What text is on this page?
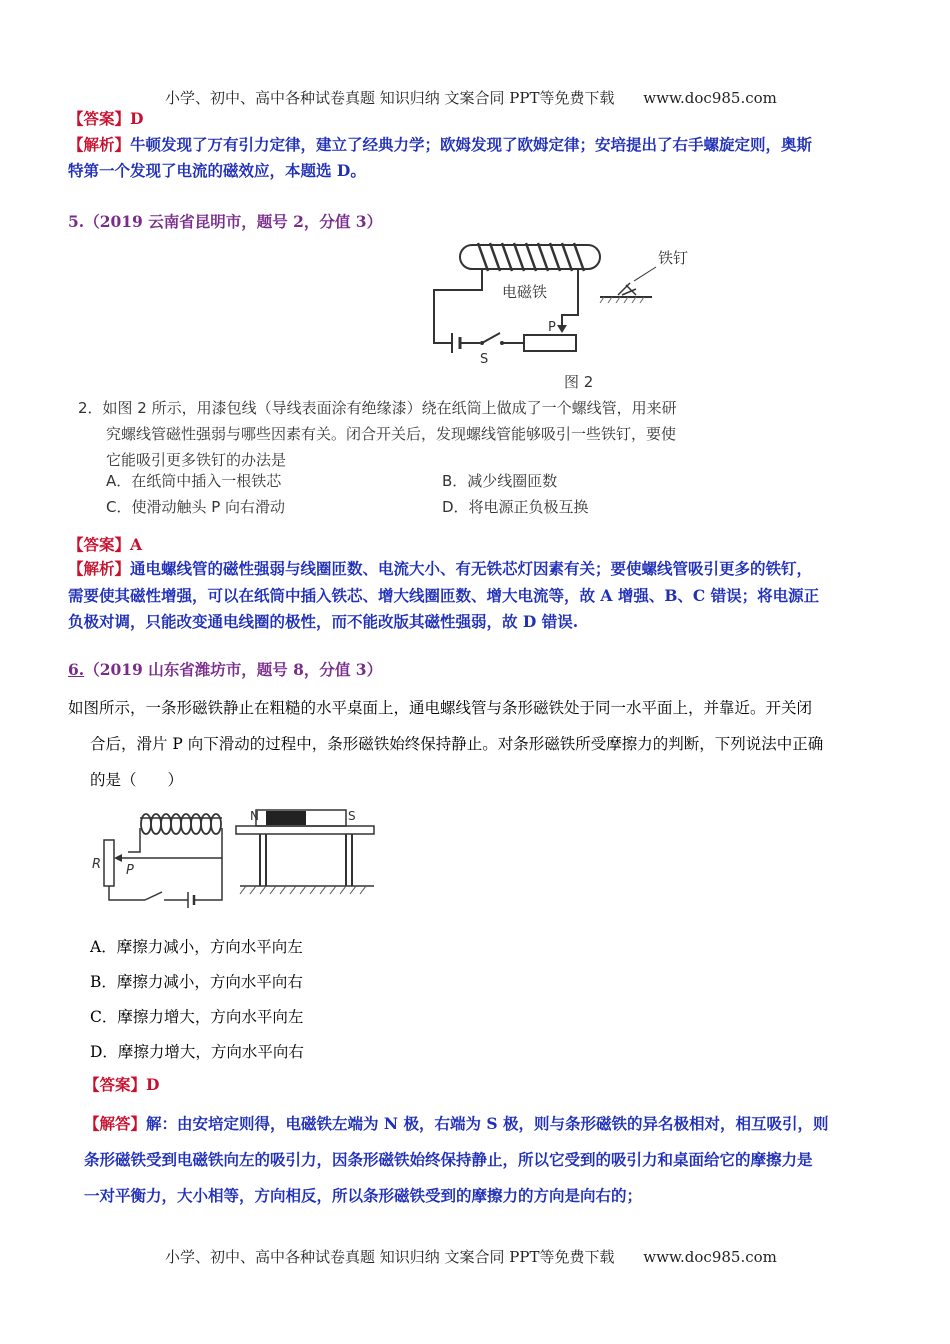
小学、初中、高中各种试卷真题 知识归纳 文案合同 PPT等免费下载 www.doc985.com
【答案】D
【解析】牛顿发现了万有引力定律，建立了经典力学；欧姆发现了欧姆定律；安培提出了右手螺旋定则，奥斯
特第一个发现了电流的磁效应，本题选 D。
5.（2019 云南省昆明市，题号 2，分值 3）
电磁铁
S
P
铁钉
图 2
2．如图 2 所示，用漆包线（导线表面涂有绝缘漆）绕在纸筒上做成了一个螺线管，用来研
究螺线管磁性强弱与哪些因素有关。闭合开关后，发现螺线管能够吸引一些铁钉，要使
它能吸引更多铁钉的办法是
A．在纸筒中插入一根铁芯	B．减少线圈匝数
C．使滑动触头 P 向右滑动	D．将电源正负极互换
【答案】A
【解析】通电螺线管的磁性强弱与线圈匝数、电流大小、有无铁芯灯因素有关；要使螺线管吸引更多的铁钉，
需要使其磁性增强，可以在纸筒中插入铁芯、增大线圈匝数、增大电流等，故 A 增强、B、C 错误；将电源正
负极对调，只能改变通电线圈的极性，而不能改版其磁性强弱，故 D 错误.
6.（2019 山东省潍坊市，题号 8，分值 3）
如图所示，一条形磁铁静止在粗糙的水平桌面上，通电螺线管与条形磁铁处于同一水平面上，并靠近。开关闭
合后，滑片 P 向下滑动的过程中，条形磁铁始终保持静止。对条形磁铁所受摩擦力的判断，下列说法中正确
的是（　　）
R P
N	S
A．摩擦力减小，方向水平向左
B．摩擦力减小，方向水平向右
C．摩擦力增大，方向水平向左
D．摩擦力增大，方向水平向右
【答案】D
【解答】解：由安培定则得，电磁铁左端为 N 极，右端为 S 极，则与条形磁铁的异名极相对，相互吸引，则
条形磁铁受到电磁铁向左的吸引力，因条形磁铁始终保持静止，所以它受到的吸引力和桌面给它的摩擦力是
一对平衡力，大小相等，方向相反，所以条形磁铁受到的摩擦力的方向是向右的；
小学、初中、高中各种试卷真题 知识归纳 文案合同 PPT等免费下载 www.doc985.com
